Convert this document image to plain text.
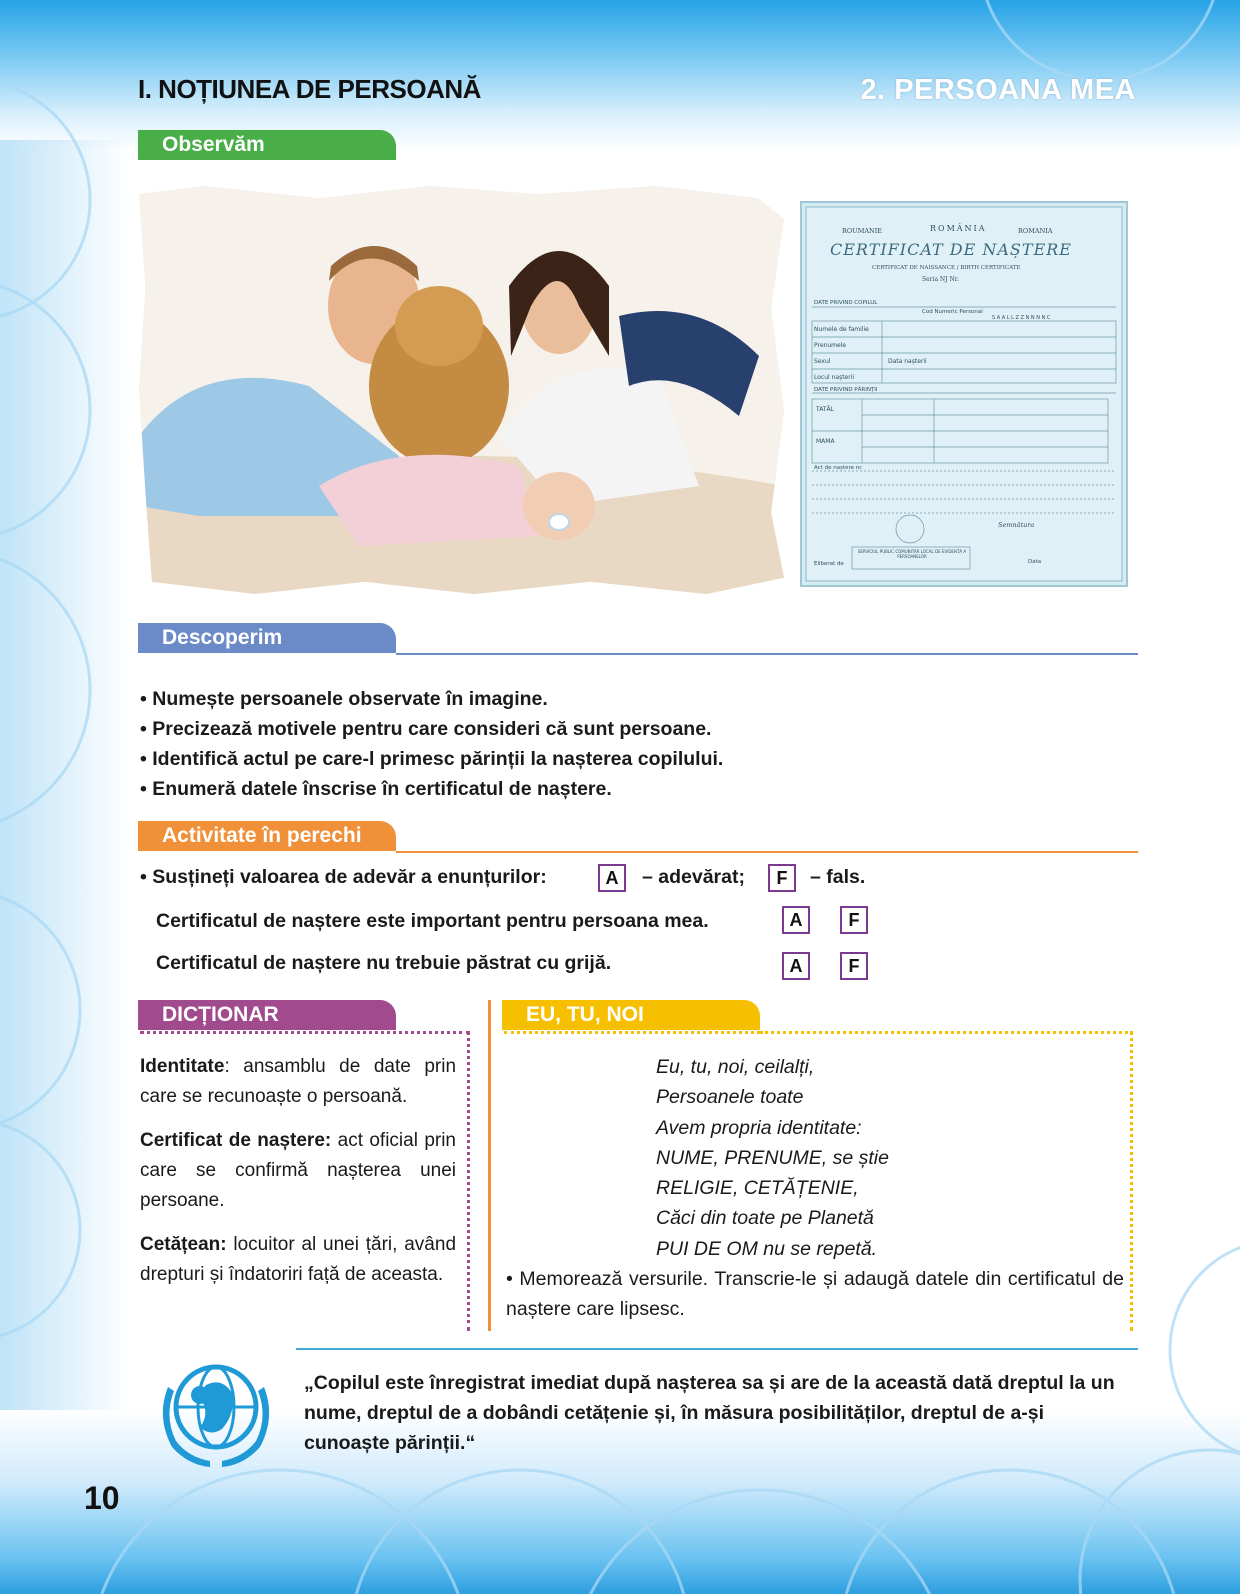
I. NOȚIUNEA DE PERSOANĂ	2. PERSOANA MEA
Observăm
ROUMANIE	ROMÂNIA	ROMANIA
CERTIFICAT DE NAȘTERE
CERTIFICAT DE NAISSANCE / BIRTH CERTIFICATE
Seria NJ Nr.
DATE PRIVIND COPILUL
Cod Numeric Personal
S A A L L Z Z N N N N C
Numele de familie
Prenumele
Sexul	Data nașterii
Locul nașterii
DATE PRIVIND PĂRINȚII
TATĂL
MAMA
Act de naștere nr.
Semnătura
Eliberat de	Data
SERVICIUL PUBLIC COMUNITAR LOCAL DE EVIDENȚĂ A PERSOANELOR
Descoperim
• Numește persoanele observate în imagine.
• Precizează motivele pentru care consideri că sunt persoane.
• Identifică actul pe care-l primesc părinții la nașterea copilului.
• Enumeră datele înscrise în certificatul de naștere.
Activitate în perechi
• Susțineți valoarea de adevăr a enunțurilor:	A	– adevărat;	F	– fals.
Certificatul de naștere este important pentru persoana mea.	A	F
Certificatul de naștere nu trebuie păstrat cu grijă.	A	F
DICȚIONAR

Identitate: ansamblu de date prin care se recunoaște o persoană.

Certificat de naștere: act oficial prin care se confirmă nașterea unei persoane.

Cetățean: locuitor al unei țări, având drepturi și îndatoriri față de aceasta.

EU, TU, NOI
Eu, tu, noi, ceilalți,
Persoanele toate
Avem propria identitate:
NUME, PRENUME, se știe
RELIGIE, CETĂȚENIE,
Căci din toate pe Planetă
PUI DE OM nu se repetă.
• Memorează versurile. Transcrie-le și adaugă datele din certificatul de naștere care lipsesc.
„Copilul este înregistrat imediat după nașterea sa și are de la această dată dreptul la un nume, dreptul de a dobândi cetățenie și, în măsura posibilităților, dreptul de a-și cunoaște părinții.“
10
